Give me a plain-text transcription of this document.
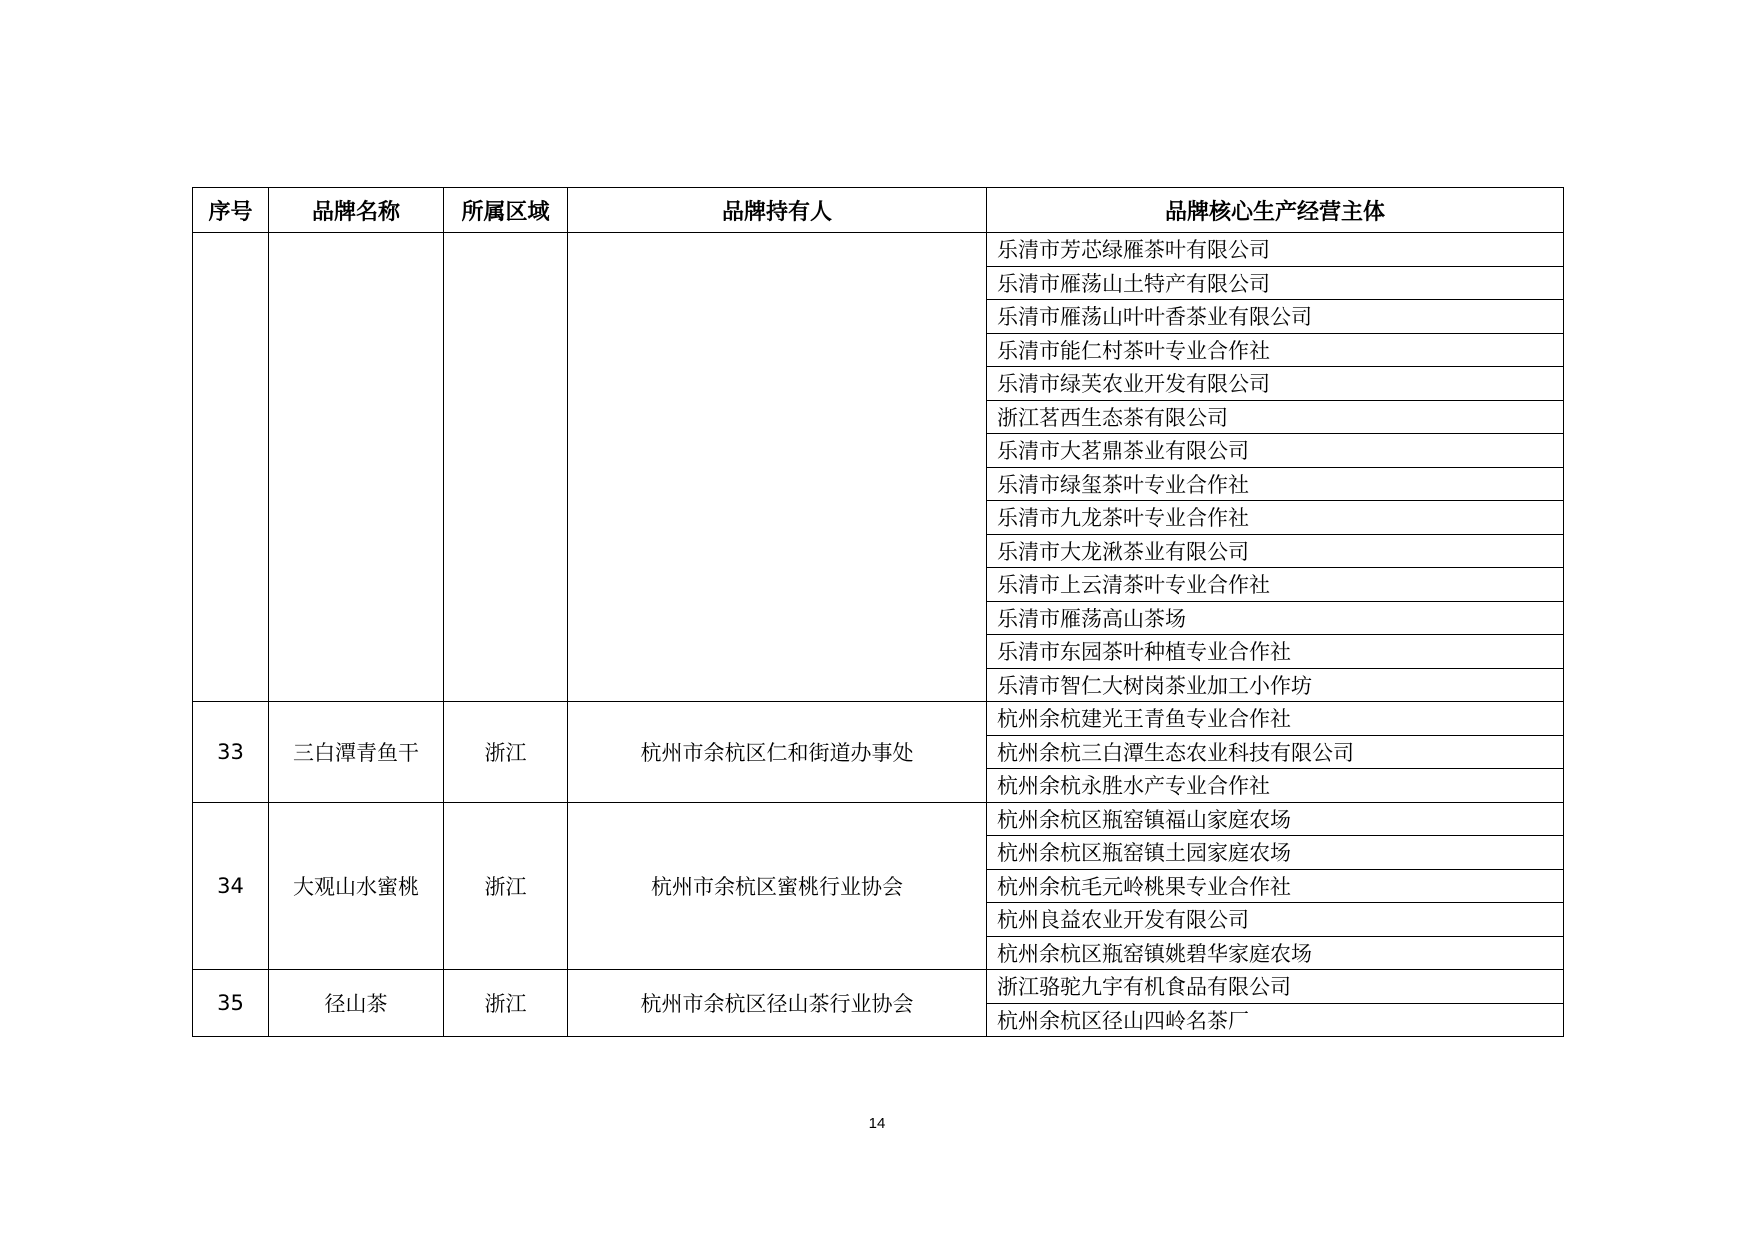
序号	品牌名称	所属区域	品牌持有人	品牌核心生产经营主体
				乐清市芳芯绿雁茶叶有限公司
				乐清市雁荡山土特产有限公司
				乐清市雁荡山叶叶香茶业有限公司
				乐清市能仁村茶叶专业合作社
				乐清市绿芙农业开发有限公司
				浙江茗西生态茶有限公司
				乐清市大茗鼎茶业有限公司
				乐清市绿玺茶叶专业合作社
				乐清市九龙茶叶专业合作社
				乐清市大龙湫茶业有限公司
				乐清市上云清茶叶专业合作社
				乐清市雁荡高山茶场
				乐清市东园茶叶种植专业合作社
				乐清市智仁大树岗茶业加工小作坊
33	三白潭青鱼干	浙江	杭州市余杭区仁和街道办事处	杭州余杭建光王青鱼专业合作社
				杭州余杭三白潭生态农业科技有限公司
				杭州余杭永胜水产专业合作社
34	大观山水蜜桃	浙江	杭州市余杭区蜜桃行业协会	杭州余杭区瓶窑镇福山家庭农场
				杭州余杭区瓶窑镇土园家庭农场
				杭州余杭毛元岭桃果专业合作社
				杭州良益农业开发有限公司
				杭州余杭区瓶窑镇姚碧华家庭农场
35	径山茶	浙江	杭州市余杭区径山茶行业协会	浙江骆驼九宇有机食品有限公司
				杭州余杭区径山四岭名茶厂
14
